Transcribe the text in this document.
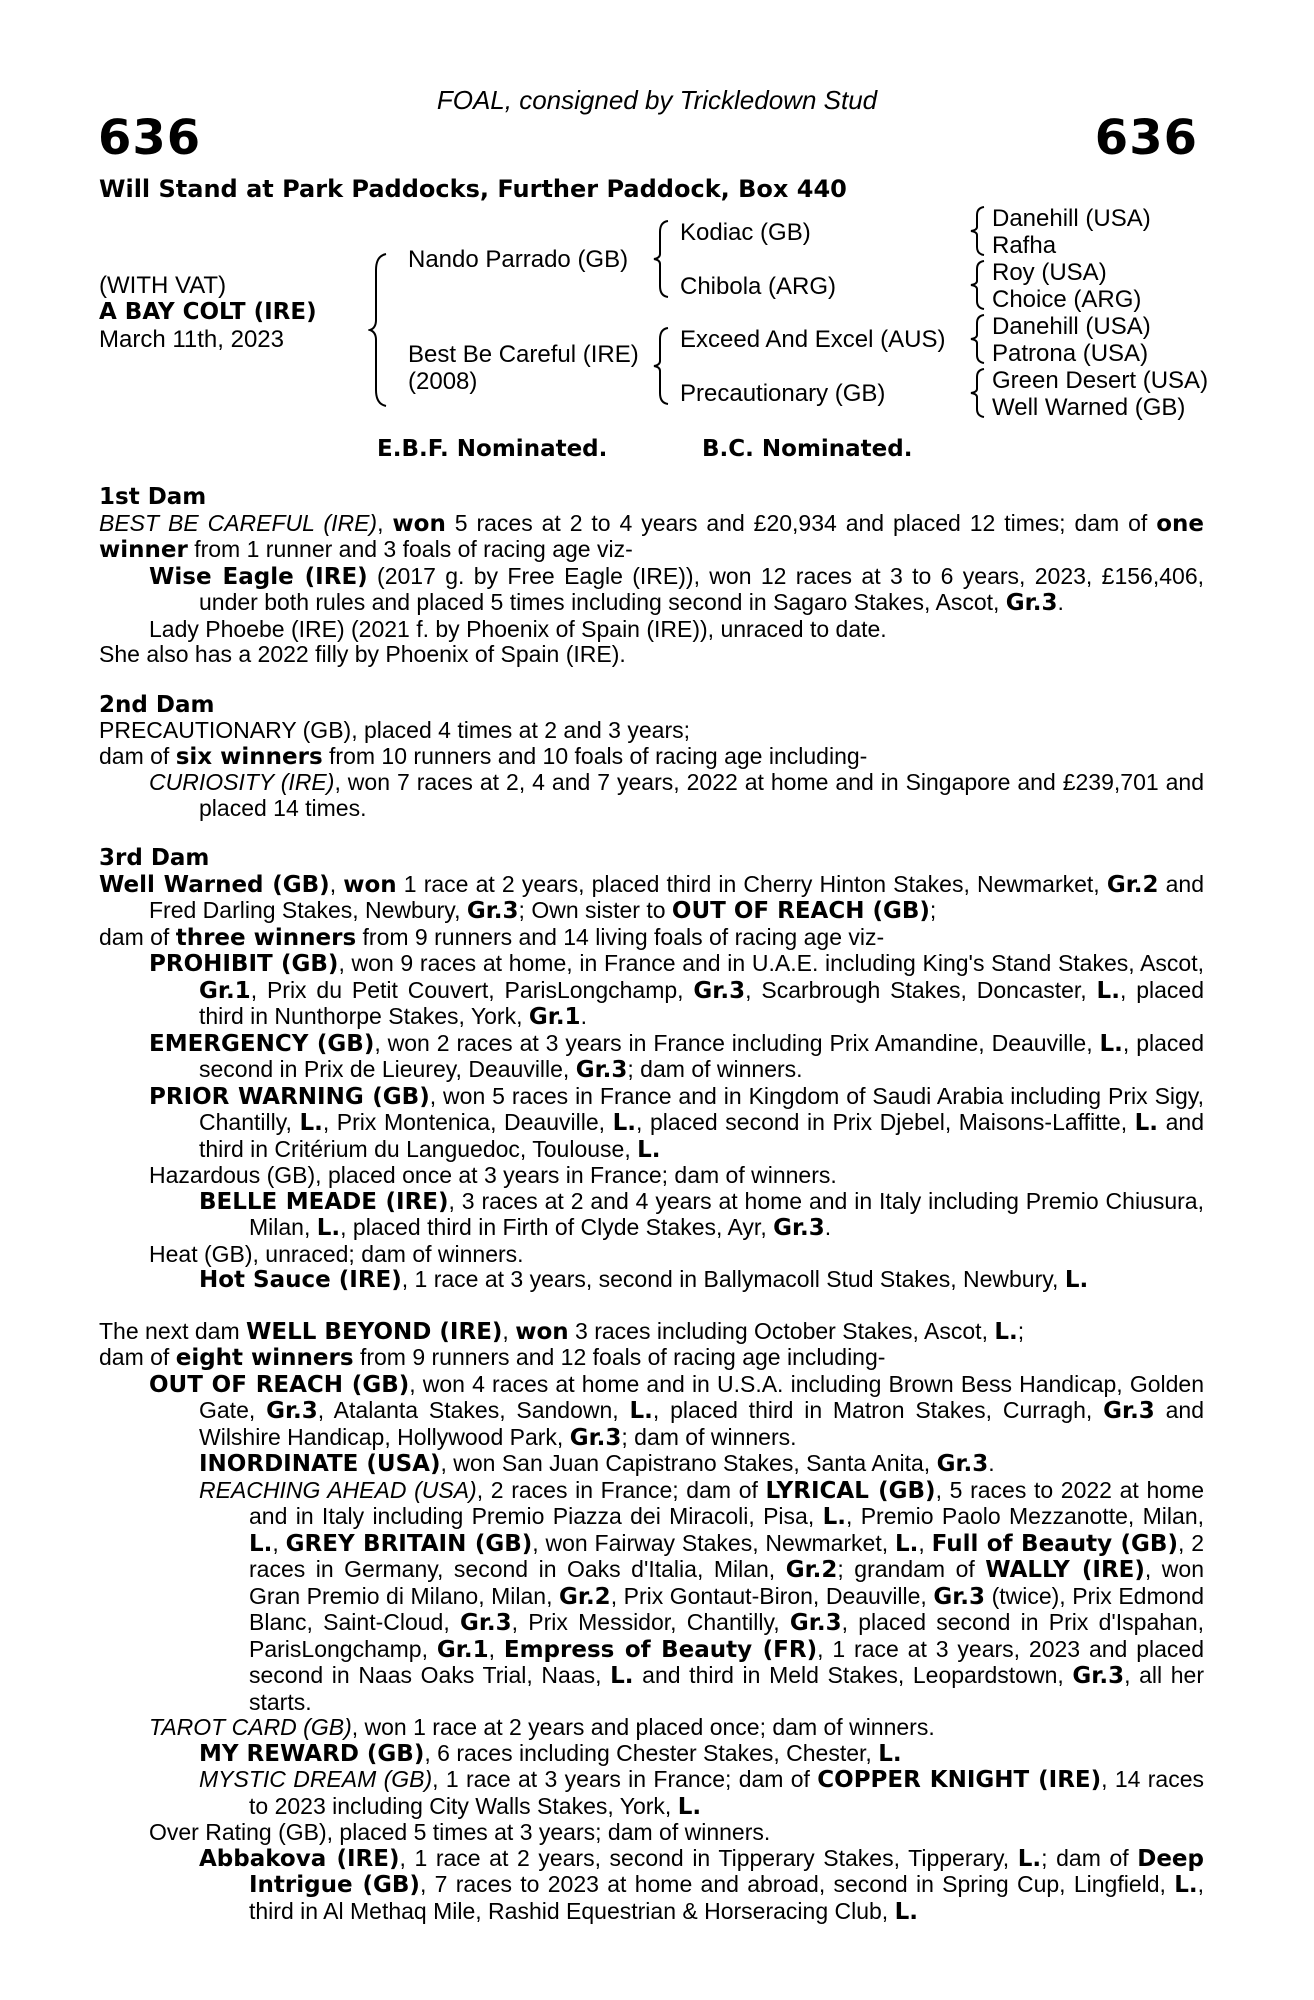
FOAL, consigned by Trickledown Stud
636	636
Will Stand at Park Paddocks, Further Paddock, Box 440
(WITH VAT)
A BAY COLT (IRE)
March 11th, 2023
Nando Parrado (GB)
Best Be Careful (IRE)
(2008)
Kodiac (GB)
Chibola (ARG)
Exceed And Excel (AUS)
Precautionary (GB)
Danehill (USA)
Rafha
Roy (USA)
Choice (ARG)
Danehill (USA)
Patrona (USA)
Green Desert (USA)
Well Warned (GB)
E.B.F. Nominated.	B.C. Nominated.

1st Dam

BEST BE CAREFUL (IRE), won 5 races at 2 to 4 years and £20,934 and placed 12 times; dam of one winner from 1 runner and 3 foals of racing age viz-

Wise Eagle (IRE) (2017 g. by Free Eagle (IRE)), won 12 races at 3 to 6 years, 2023, £156,406, under both rules and placed 5 times including second in Sagaro Stakes, Ascot, Gr.3.

Lady Phoebe (IRE) (2021 f. by Phoenix of Spain (IRE)), unraced to date.

She also has a 2022 filly by Phoenix of Spain (IRE).

2nd Dam

PRECAUTIONARY (GB), placed 4 times at 2 and 3 years;

dam of six winners from 10 runners and 10 foals of racing age including-

CURIOSITY (IRE), won 7 races at 2, 4 and 7 years, 2022 at home and in Singapore and £239,701 and placed 14 times.

3rd Dam

Well Warned (GB), won 1 race at 2 years, placed third in Cherry Hinton Stakes, Newmarket, Gr.2 and Fred Darling Stakes, Newbury, Gr.3; Own sister to OUT OF REACH (GB);

dam of three winners from 9 runners and 14 living foals of racing age viz-

PROHIBIT (GB), won 9 races at home, in France and in U.A.E. including King's Stand Stakes, Ascot, Gr.1, Prix du Petit Couvert, ParisLongchamp, Gr.3, Scarbrough Stakes, Doncaster, L., placed third in Nunthorpe Stakes, York, Gr.1.

EMERGENCY (GB), won 2 races at 3 years in France including Prix Amandine, Deauville, L., placed second in Prix de Lieurey, Deauville, Gr.3; dam of winners.

PRIOR WARNING (GB), won 5 races in France and in Kingdom of Saudi Arabia including Prix Sigy, Chantilly, L., Prix Montenica, Deauville, L., placed second in Prix Djebel, Maisons-Laffitte, L. and third in Critérium du Languedoc, Toulouse, L.

Hazardous (GB), placed once at 3 years in France; dam of winners.

BELLE MEADE (IRE), 3 races at 2 and 4 years at home and in Italy including Premio Chiusura, Milan, L., placed third in Firth of Clyde Stakes, Ayr, Gr.3.

Heat (GB), unraced; dam of winners.

Hot Sauce (IRE), 1 race at 3 years, second in Ballymacoll Stud Stakes, Newbury, L.

The next dam WELL BEYOND (IRE), won 3 races including October Stakes, Ascot, L.;

dam of eight winners from 9 runners and 12 foals of racing age including-

OUT OF REACH (GB), won 4 races at home and in U.S.A. including Brown Bess Handicap, Golden Gate, Gr.3, Atalanta Stakes, Sandown, L., placed third in Matron Stakes, Curragh, Gr.3 and Wilshire Handicap, Hollywood Park, Gr.3; dam of winners.

INORDINATE (USA), won San Juan Capistrano Stakes, Santa Anita, Gr.3.

REACHING AHEAD (USA), 2 races in France; dam of LYRICAL (GB), 5 races to 2022 at home and in Italy including Premio Piazza dei Miracoli, Pisa, L., Premio Paolo Mezzanotte, Milan, L., GREY BRITAIN (GB), won Fairway Stakes, Newmarket, L., Full of Beauty (GB), 2 races in Germany, second in Oaks d'Italia, Milan, Gr.2; grandam of WALLY (IRE), won Gran Premio di Milano, Milan, Gr.2, Prix Gontaut-Biron, Deauville, Gr.3 (twice), Prix Edmond Blanc, Saint-Cloud, Gr.3, Prix Messidor, Chantilly, Gr.3, placed second in Prix d'Ispahan, ParisLongchamp, Gr.1, Empress of Beauty (FR), 1 race at 3 years, 2023 and placed second in Naas Oaks Trial, Naas, L. and third in Meld Stakes, Leopardstown, Gr.3, all her starts.

TAROT CARD (GB), won 1 race at 2 years and placed once; dam of winners.

MY REWARD (GB), 6 races including Chester Stakes, Chester, L.

MYSTIC DREAM (GB), 1 race at 3 years in France; dam of COPPER KNIGHT (IRE), 14 races to 2023 including City Walls Stakes, York, L.

Over Rating (GB), placed 5 times at 3 years; dam of winners.

Abbakova (IRE), 1 race at 2 years, second in Tipperary Stakes, Tipperary, L.; dam of Deep Intrigue (GB), 7 races to 2023 at home and abroad, second in Spring Cup, Lingfield, L., third in Al Methaq Mile, Rashid Equestrian & Horseracing Club, L.
